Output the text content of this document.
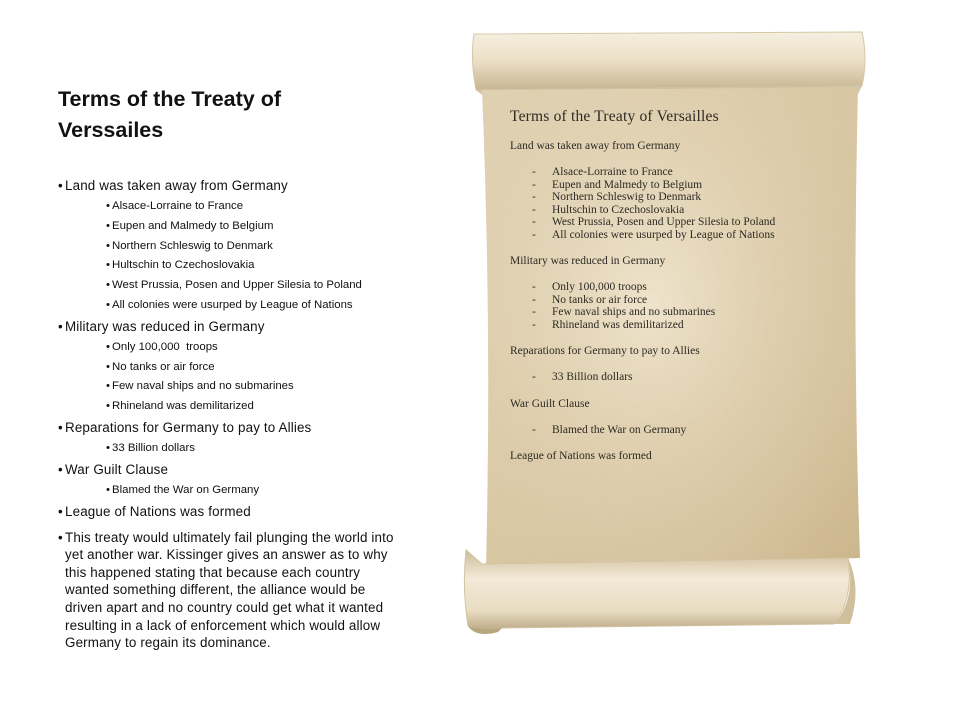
Terms of the Treaty of Verssailes
• Land was taken away from Germany
• Alsace-Lorraine to France
• Eupen and Malmedy to Belgium
• Northern Schleswig to Denmark
• Hultschin to Czechoslovakia
• West Prussia, Posen and Upper Silesia to Poland
• All colonies were usurped by League of Nations
• Military was reduced in Germany
• Only 100,000  troops
• No tanks or air force
• Few naval ships and no submarines
• Rhineland was demilitarized
• Reparations for Germany to pay to Allies
• 33 Billion dollars
• War Guilt Clause
• Blamed the War on Germany
• League of Nations was formed
• This treaty would ultimately fail plunging the world into yet another war. Kissinger gives an answer as to why this happened stating that because each country wanted something different, the alliance would be driven apart and no country could get what it wanted resulting in a lack of enforcement which would allow Germany to regain its dominance.
Terms of the Treaty of Versailles
Land was taken away from Germany
- Alsace-Lorraine to France
- Eupen and Malmedy to Belgium
- Northern Schleswig to Denmark
- Hultschin to Czechoslovakia
- West Prussia, Posen and Upper Silesia to Poland
- All colonies were usurped by League of Nations
Military was reduced in Germany
- Only 100,000 troops
- No tanks or air force
- Few naval ships and no submarines
- Rhineland was demilitarized
Reparations for Germany to pay to Allies
- 33 Billion dollars
War Guilt Clause
- Blamed the War on Germany
League of Nations was formed
